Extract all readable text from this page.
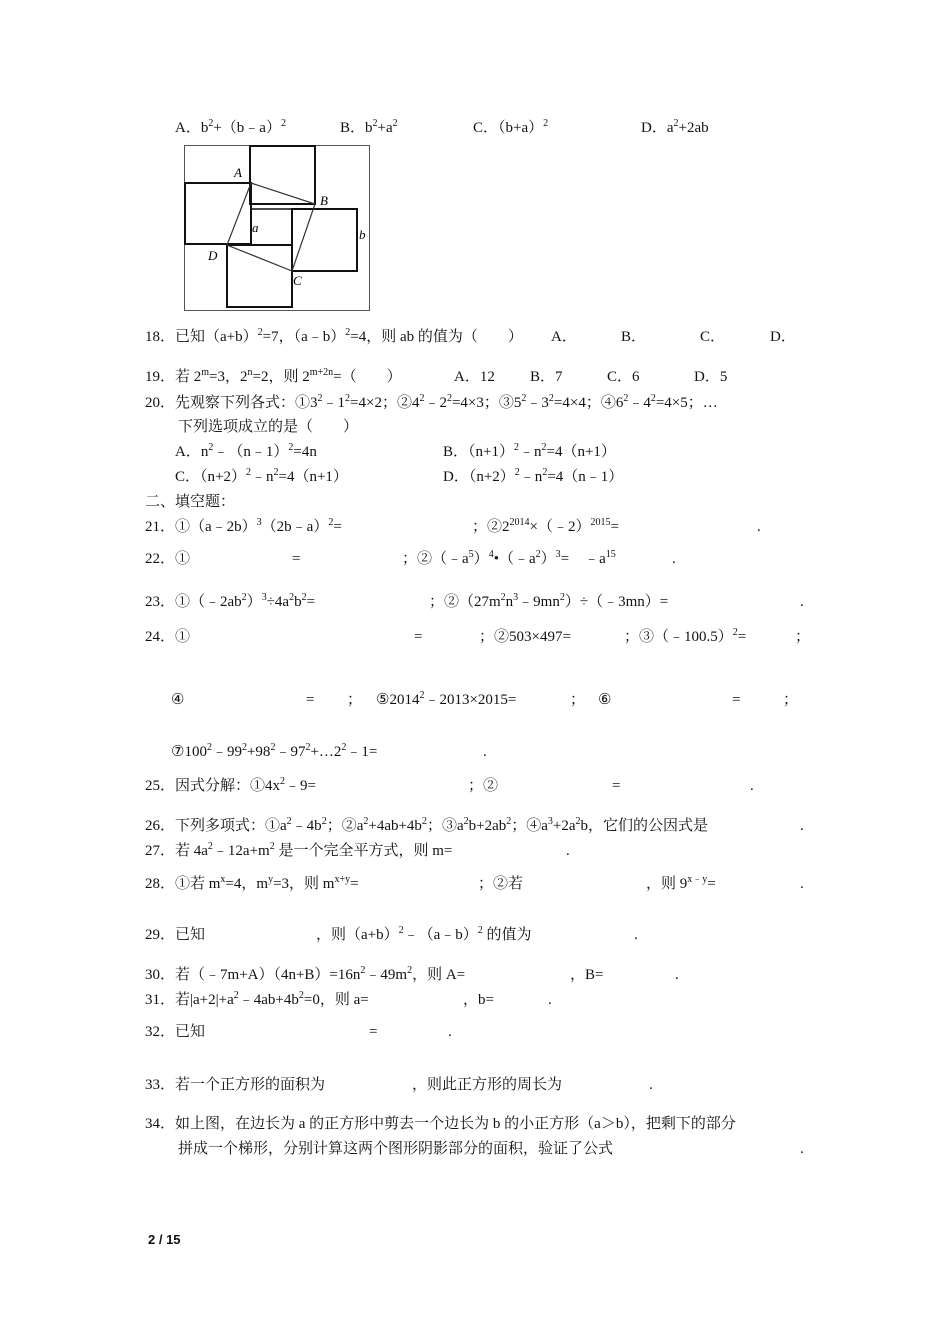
A．$b^2+(b﹣a)^2$	B．$b^2+a^2$	C．$(b+a)^2$	D．$a^2+2ab$
A
B
C
D
a	b
18．已知$(a+b)^2=7$，（a﹣b）$^2$=4，则 ab 的值为（　　） A．	B．	C．	D．
19．若 $2^m=3$，$2^n=2$，则 $2^{m+2n}=$（　　）	A．12 B．7	C．6	D．5
20．先观察下列各式：$①3^2﹣1^2=4\times 2$；$②4^2﹣2^2=4\times 3$；$③5^2﹣3^2=4\times 4$；$④6^2﹣4^2=4\times 5$；…
下列选项成立的是（　　）
A．$n^2﹣(n﹣1)^2=4n$	B．$(n+1)^2﹣n^2=4(n+1)$
C．$(n+2)^2﹣n^2=4(n+1)$	D．$(n+2)^2﹣n^2=4(n﹣1)$
二、填空题：
21．①（a﹣2b）$^3$（2b﹣a）$^2$=	；$②2^{2014}\times(﹣2)^{2015}=$	.
22．①	=	；$②(﹣a^5)^4•(﹣a^2)^3=$　$﹣a^{15}$	.
23．$①(﹣2ab^2)^3\div 4a^2b^2=$	；$②(27m^2n^3﹣9mn^2)\div(﹣3mn)=$	.
24．①	=	；②503×497=	；③（﹣100.5）$^2$=	；
④	= ； $⑤2014^2﹣2013\times 2015=$	； ⑥	=	；
$⑦100^2﹣99^2+98^2﹣97^2+\dots 2^2﹣1=$	.
25．因式分解：$①4x^2﹣9=$	；②	=	.
26．下列多项式：$①a^2﹣4b^2$；$②a^2+4ab+4b^2$；$③a^2b+2ab^2$；$④a^3+2a^2b$，它们的公因式是	.
27．若 $4a^2﹣12a+m^2$ 是一个完全平方式，则 m=	.
28．①若 $m^x=4$，$m^y=3$，则 $m^{x+y}=$	；②若	，则 $9^{x﹣y}=$	.
29．已知	，则$(a+b)^2﹣(a﹣b)^2$ 的值为	.
30．若$(﹣7m+A)(4n+B)=16n^2﹣49m^2$，则 A=	，B=	.
31．若$|a+2|+a^2﹣4ab+4b^2=0$，则 a=	，b=	.
32．已知	=	.
33．若一个正方形的面积为	，则此正方形的周长为	.
34．如上图，在边长为 a 的正方形中剪去一个边长为 b 的小正方形（a＞b），把剩下的部分
拼成一个梯形，分别计算这两个图形阴影部分的面积，验证了公式	.
2 / 15
